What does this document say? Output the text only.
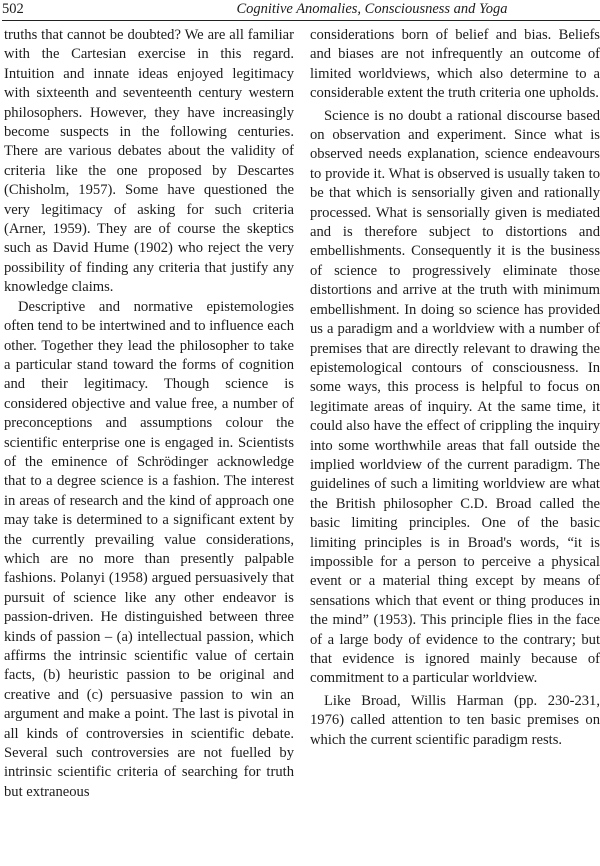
502	Cognitive Anomalies, Consciousness and Yoga

truths that cannot be doubted? We are all familiar with the Cartesian exercise in this regard. Intuition and innate ideas enjoyed legitimacy with sixteenth and seventeenth century western philosophers. However, they have increasingly become suspects in the following centuries. There are various debates about the validity of criteria like the one proposed by Descartes (Chisholm, 1957). Some have questioned the very legitimacy of asking for such criteria (Arner, 1959). They are of course the skeptics such as David Hume (1902) who reject the very possibility of finding any criteria that justify any knowledge claims.

Descriptive and normative epistemologies often tend to be intertwined and to influence each other. Together they lead the philosopher to take a particular stand toward the forms of cognition and their legitimacy. Though science is considered objective and value free, a number of preconceptions and assumptions colour the scientific enterprise one is engaged in. Scientists of the eminence of Schrödinger acknowledge that to a degree science is a fashion. The interest in areas of research and the kind of approach one may take is determined to a significant extent by the currently prevailing value considerations, which are no more than presently palpable fashions. Polanyi (1958) argued persuasively that pursuit of science like any other endeavor is passion-driven. He distinguished between three kinds of passion – (a) intellectual passion, which affirms the intrinsic scientific value of certain facts, (b) heuristic passion to be original and creative and (c) persuasive passion to win an argument and make a point. The last is pivotal in all kinds of controversies in scientific debate. Several such controversies are not fuelled by intrinsic scientific criteria of searching for truth but extraneous

considerations born of belief and bias. Beliefs and biases are not infrequently an outcome of limited worldviews, which also determine to a considerable extent the truth criteria one upholds.

Science is no doubt a rational discourse based on observation and experiment. Since what is observed needs explanation, science endeavours to provide it. What is observed is usually taken to be that which is sensorially given and rationally processed. What is sensorially given is mediated and is therefore subject to distortions and embellishments. Consequently it is the business of science to progressively eliminate those distortions and arrive at the truth with minimum embellishment. In doing so science has provided us a paradigm and a worldview with a number of premises that are directly relevant to drawing the epistemological contours of consciousness. In some ways, this process is helpful to focus on legitimate areas of inquiry. At the same time, it could also have the effect of crippling the inquiry into some worthwhile areas that fall outside the implied worldview of the current paradigm. The guidelines of such a limiting worldview are what the British philosopher C.D. Broad called the basic limiting principles. One of the basic limiting principles is in Broad's words, “it is impossible for a person to perceive a physical event or a material thing except by means of sensations which that event or thing produces in the mind” (1953). This principle flies in the face of a large body of evidence to the contrary; but that evidence is ignored mainly because of commitment to a particular worldview.

Like Broad, Willis Harman (pp. 230-231, 1976) called attention to ten basic premises on which the current scientific paradigm rests.
